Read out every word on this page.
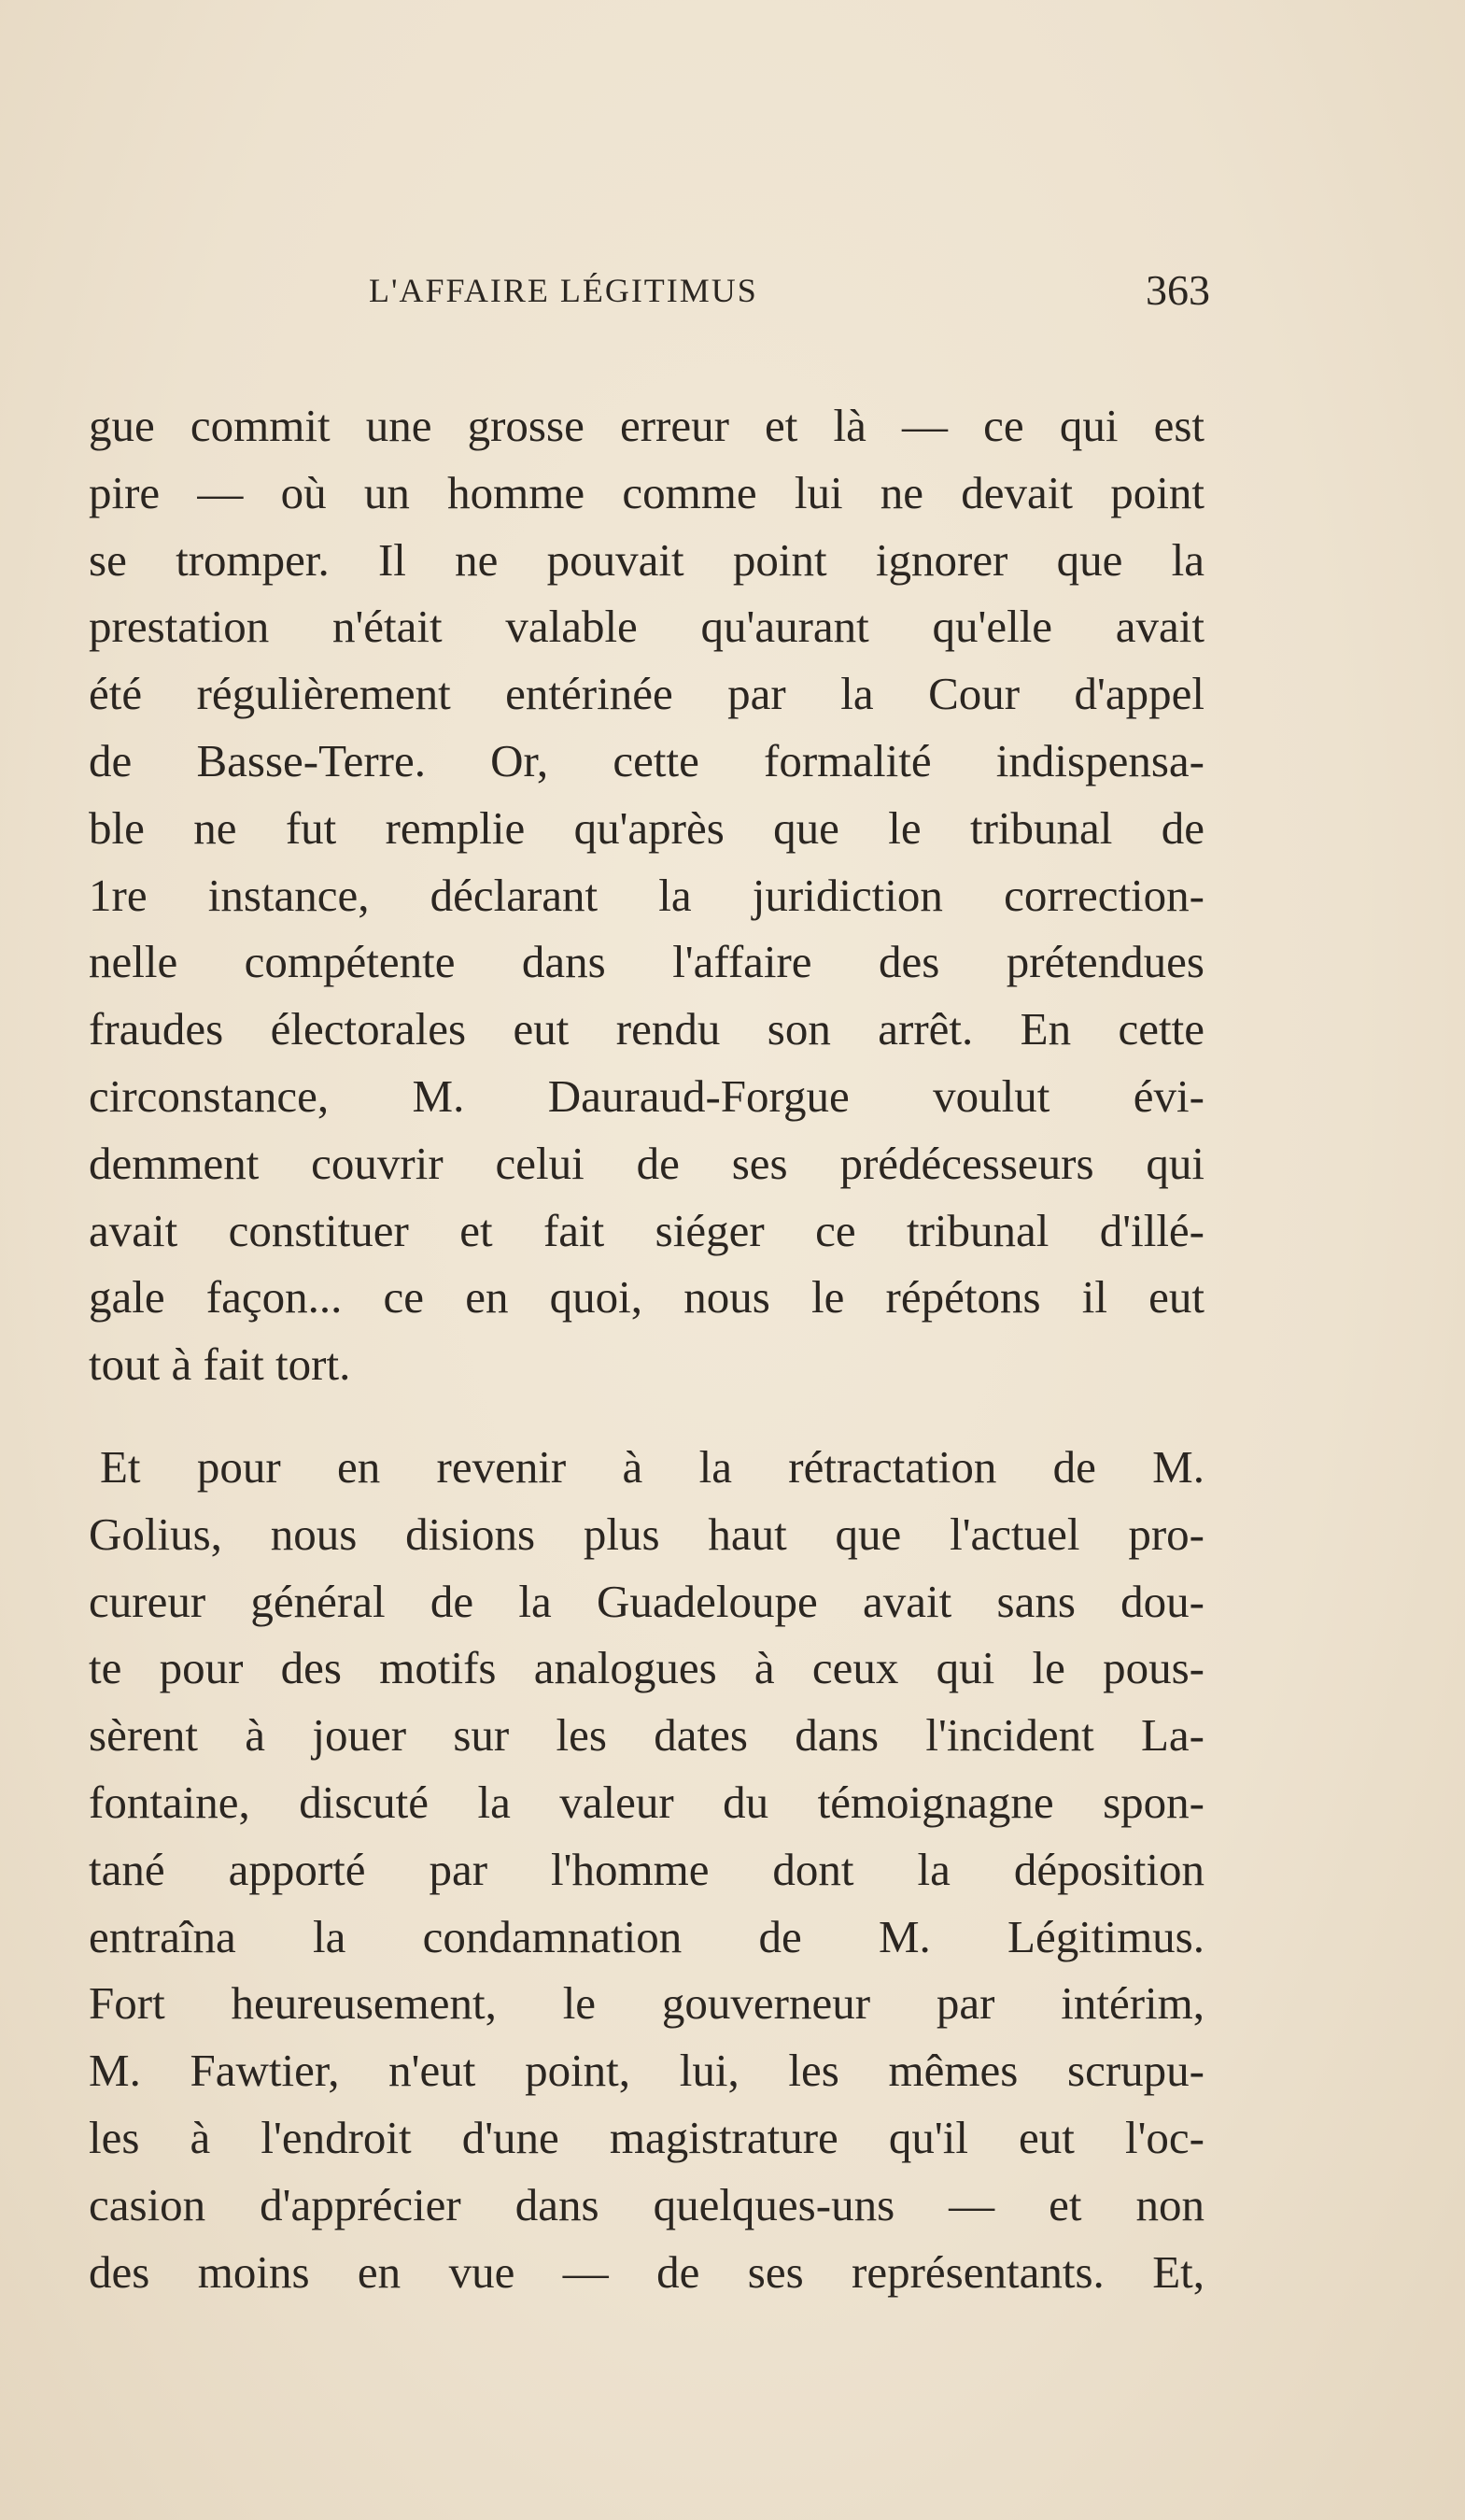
L'AFFAIRE LÉGITIMUS	363
gue commit une grosse erreur et là — ce qui est
pire — où un homme comme lui ne devait point
se tromper. Il ne pouvait point ignorer que la
prestation n'était valable qu'aurant qu'elle avait
été régulièrement entérinée par la Cour d'appel
de Basse-Terre. Or, cette formalité indispensa-
ble ne fut remplie qu'après que le tribunal de
1re instance, déclarant la juridiction correction-
nelle compétente dans l'affaire des prétendues
fraudes électorales eut rendu son arrêt. En cette
circonstance, M. Dauraud-Forgue voulut évi-
demment couvrir celui de ses prédécesseurs qui
avait constituer et fait siéger ce tribunal d'illé-
gale façon... ce en quoi, nous le répétons il eut
tout à fait tort.
Et pour en revenir à la rétractation de M.
Golius, nous disions plus haut que l'actuel pro-
cureur général de la Guadeloupe avait sans dou-
te pour des motifs analogues à ceux qui le pous-
sèrent à jouer sur les dates dans l'incident La-
fontaine, discuté la valeur du témoignagne spon-
tané apporté par l'homme dont la déposition
entraîna la condamnation de M. Légitimus.
Fort heureusement, le gouverneur par intérim,
M. Fawtier, n'eut point, lui, les mêmes scrupu-
les à l'endroit d'une magistrature qu'il eut l'oc-
casion d'apprécier dans quelques-uns — et non
des moins en vue — de ses représentants. Et,
